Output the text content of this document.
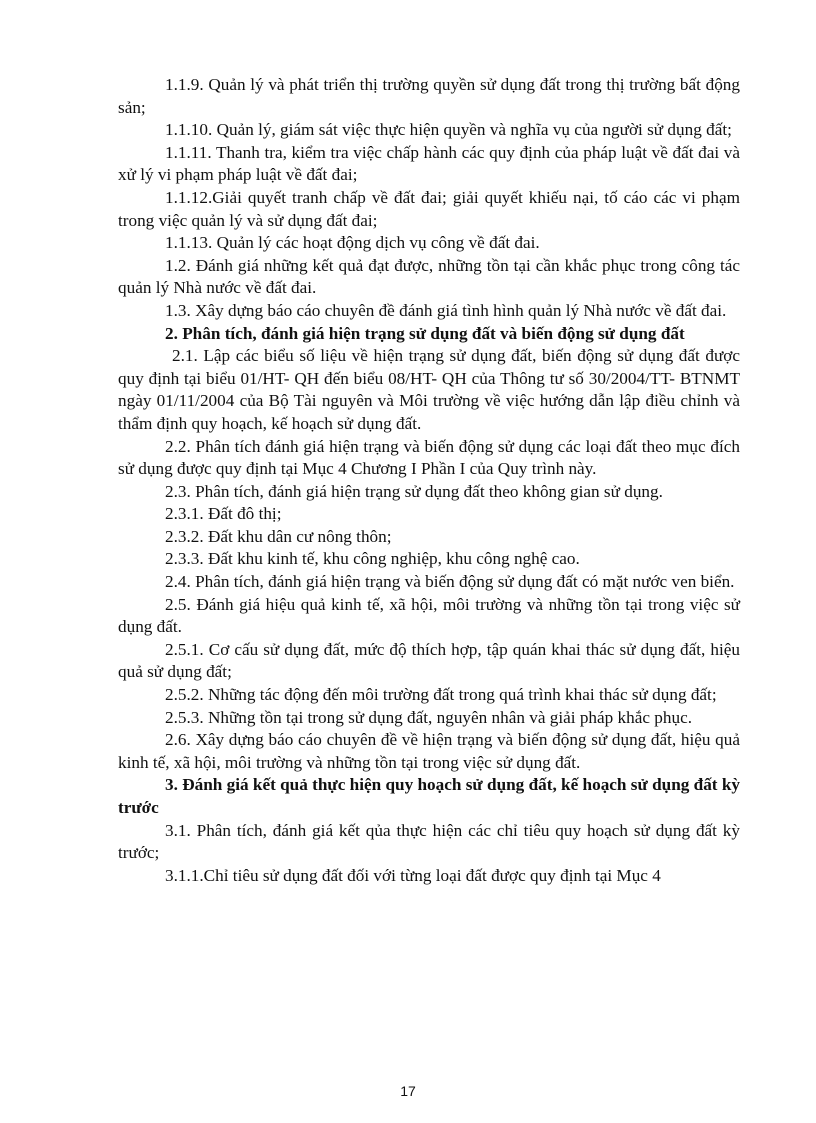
1.1.9. Quản lý và phát triển thị trường quyền sử dụng đất trong thị trường bất động sản;

1.1.10. Quản lý, giám sát việc thực hiện quyền và nghĩa vụ của người sử dụng đất;

1.1.11. Thanh tra, kiểm tra việc chấp hành các quy định của pháp luật về đất đai và xử lý vi phạm pháp luật về đất đai;

1.1.12.Giải quyết tranh chấp về đất đai; giải quyết khiếu nại, tố cáo các vi phạm trong việc quản lý và sử dụng đất đai;

1.1.13. Quản lý các hoạt động dịch vụ công về đất đai.

1.2. Đánh giá những kết quả đạt được, những tồn tại cần khắc phục trong công tác quản lý Nhà nước về đất đai.

1.3. Xây dựng báo cáo chuyên đề đánh giá tình hình quản lý Nhà nước về đất đai.

2. Phân tích, đánh giá hiện trạng sử dụng đất và biến động sử dụng đất

2.1. Lập các biểu số liệu về hiện trạng sử dụng đất, biến động sử dụng đất được quy định tại biểu 01/HT- QH đến biểu 08/HT- QH của Thông tư số 30/2004/TT- BTNMT ngày 01/11/2004 của Bộ Tài nguyên và Môi trường về việc hướng dẫn lập điều chỉnh và thẩm định quy hoạch, kế hoạch sử dụng đất.

2.2. Phân tích đánh giá hiện trạng và biến động sử dụng các loại đất theo mục đích sử dụng được quy định tại Mục 4 Chương I Phần I của Quy trình này.

2.3. Phân tích, đánh giá hiện trạng sử dụng đất theo không gian sử dụng.

2.3.1. Đất đô thị;

2.3.2. Đất khu dân cư nông thôn;

2.3.3. Đất khu kinh tế, khu công nghiệp, khu công nghệ cao.

2.4. Phân tích, đánh giá hiện trạng và biến động sử dụng đất có mặt nước ven biển.

2.5. Đánh giá hiệu quả kinh tế, xã hội, môi trường và những tồn tại trong việc sử dụng đất.

2.5.1. Cơ cấu sử dụng đất, mức độ thích hợp, tập quán khai thác sử dụng đất, hiệu quả sử dụng đất;

2.5.2. Những tác động đến môi trường đất trong quá trình khai thác sử dụng đất;

2.5.3. Những tồn tại trong sử dụng đất, nguyên nhân và giải pháp khắc phục.

2.6. Xây dựng báo cáo chuyên đề về hiện trạng và biến động sử dụng đất, hiệu quả kinh tế, xã hội, môi trường và những tồn tại trong việc sử dụng đất.

3. Đánh giá kết quả thực hiện quy hoạch sử dụng đất, kế hoạch sử dụng đất kỳ trước

3.1. Phân tích, đánh giá kết qủa thực hiện các chỉ tiêu quy hoạch sử dụng đất kỳ trước;

3.1.1.Chỉ tiêu sử dụng đất đối với từng loại đất được quy định tại Mục 4

17
